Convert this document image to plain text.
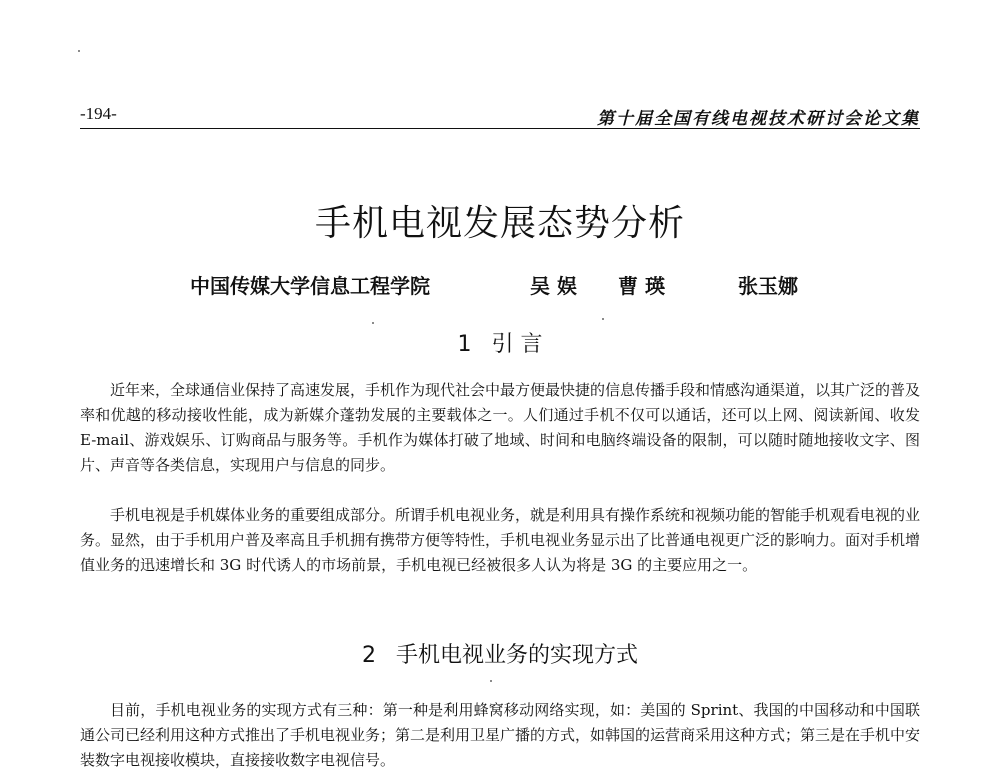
-194-	第十届全国有线电视技术研讨会论文集
手机电视发展态势分析
中国传媒大学信息工程学院	吴 娱 曹 瑛	张玉娜
1 引 言

近年来，全球通信业保持了高速发展，手机作为现代社会中最方便最快捷的信息传播手段和情感沟通渠道，以其广泛的普及率和优越的移动接收性能，成为新媒介蓬勃发展的主要载体之一。人们通过手机不仅可以通话，还可以上网、阅读新闻、收发 E-mail、游戏娱乐、订购商品与服务等。手机作为媒体打破了地域、时间和电脑终端设备的限制，可以随时随地接收文字、图片、声音等各类信息，实现用户与信息的同步。

手机电视是手机媒体业务的重要组成部分。所谓手机电视业务，就是利用具有操作系统和视频功能的智能手机观看电视的业务。显然，由于手机用户普及率高且手机拥有携带方便等特性，手机电视业务显示出了比普通电视更广泛的影响力。面对手机增值业务的迅速增长和 3G 时代诱人的市场前景，手机电视已经被很多人认为将是 3G 的主要应用之一。

2 手机电视业务的实现方式

目前，手机电视业务的实现方式有三种：第一种是利用蜂窝移动网络实现，如：美国的 Sprint、我国的中国移动和中国联通公司已经利用这种方式推出了手机电视业务；第二是利用卫星广播的方式，如韩国的运营商采用这种方式；第三是在手机中安装数字电视接收模块，直接接收数字电视信号。
